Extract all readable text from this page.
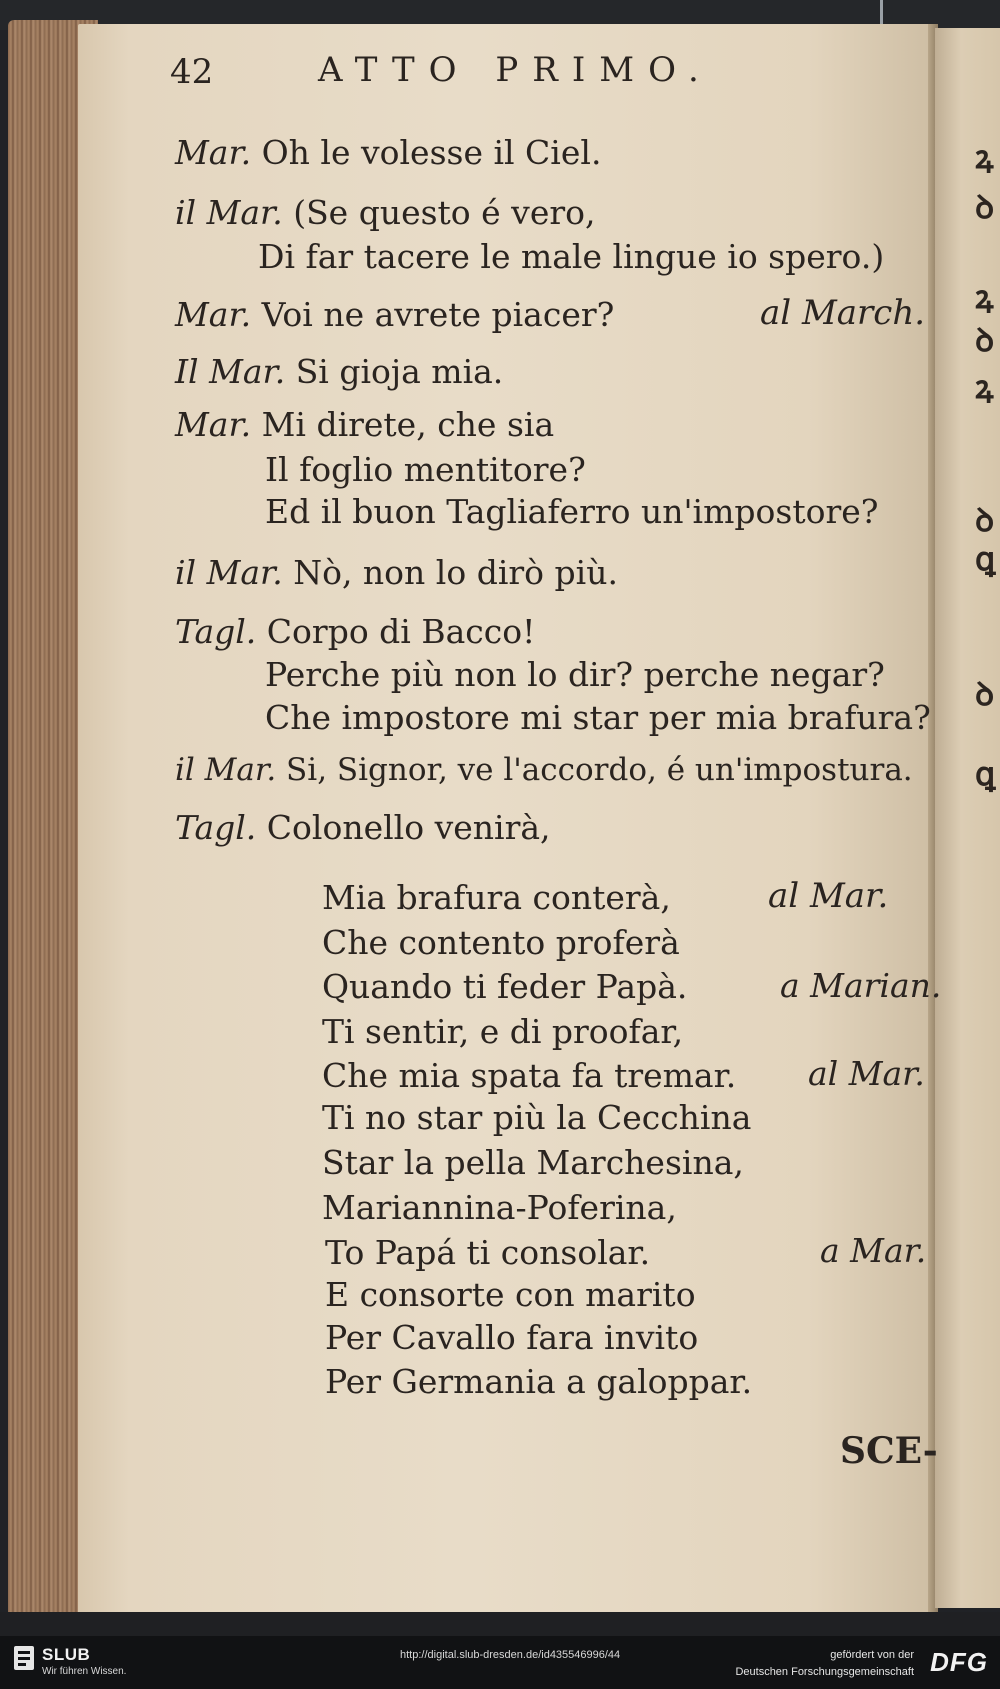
42	ATTO PRIMO.
Mar. Oh le volesse il Ciel.
il Mar. (Se questo é vero,
Di far tacere le male lingue io spero.)
Mar. Voi ne avrete piacer?	al March.
Il Mar. Si gioja mia.
Mar. Mi direte, che sia
Il foglio mentitore?
Ed il buon Tagliaferro un'impostore?
il Mar. Nò, non lo dirò più.
Tagl. Corpo di Bacco!
Perche più non lo dir? perche negar?
Che impostore mi star per mia brafura?
il Mar. Si, Signor, ve l'accordo, é un'impostura.
Tagl. Colonello venirà,
Mia brafura conterà,	al Mar.
Che contento proferà
Quando ti feder Papà.	a Marian.
Ti sentir, e di proofar,
Che mia spata fa tremar. al Mar.
Ti no star più la Cecchina
Star la pella Marchesina,
Mariannina-Poferina,
To Papá ti consolar.	a Mar.
E consorte con marito
Per Cavallo fara invito
Per Germania a galoppar.
SCE-
ꝝ
ꝺ
ꝝ
ꝺ
ꝝ
ꝺ
ꝗ
ꝺ
ꝗ
SLUB
Wir führen Wissen.
http://digital.slub-dresden.de/id435546996/44	gefördert von der
Deutschen Forschungsgemeinschaft DFG
